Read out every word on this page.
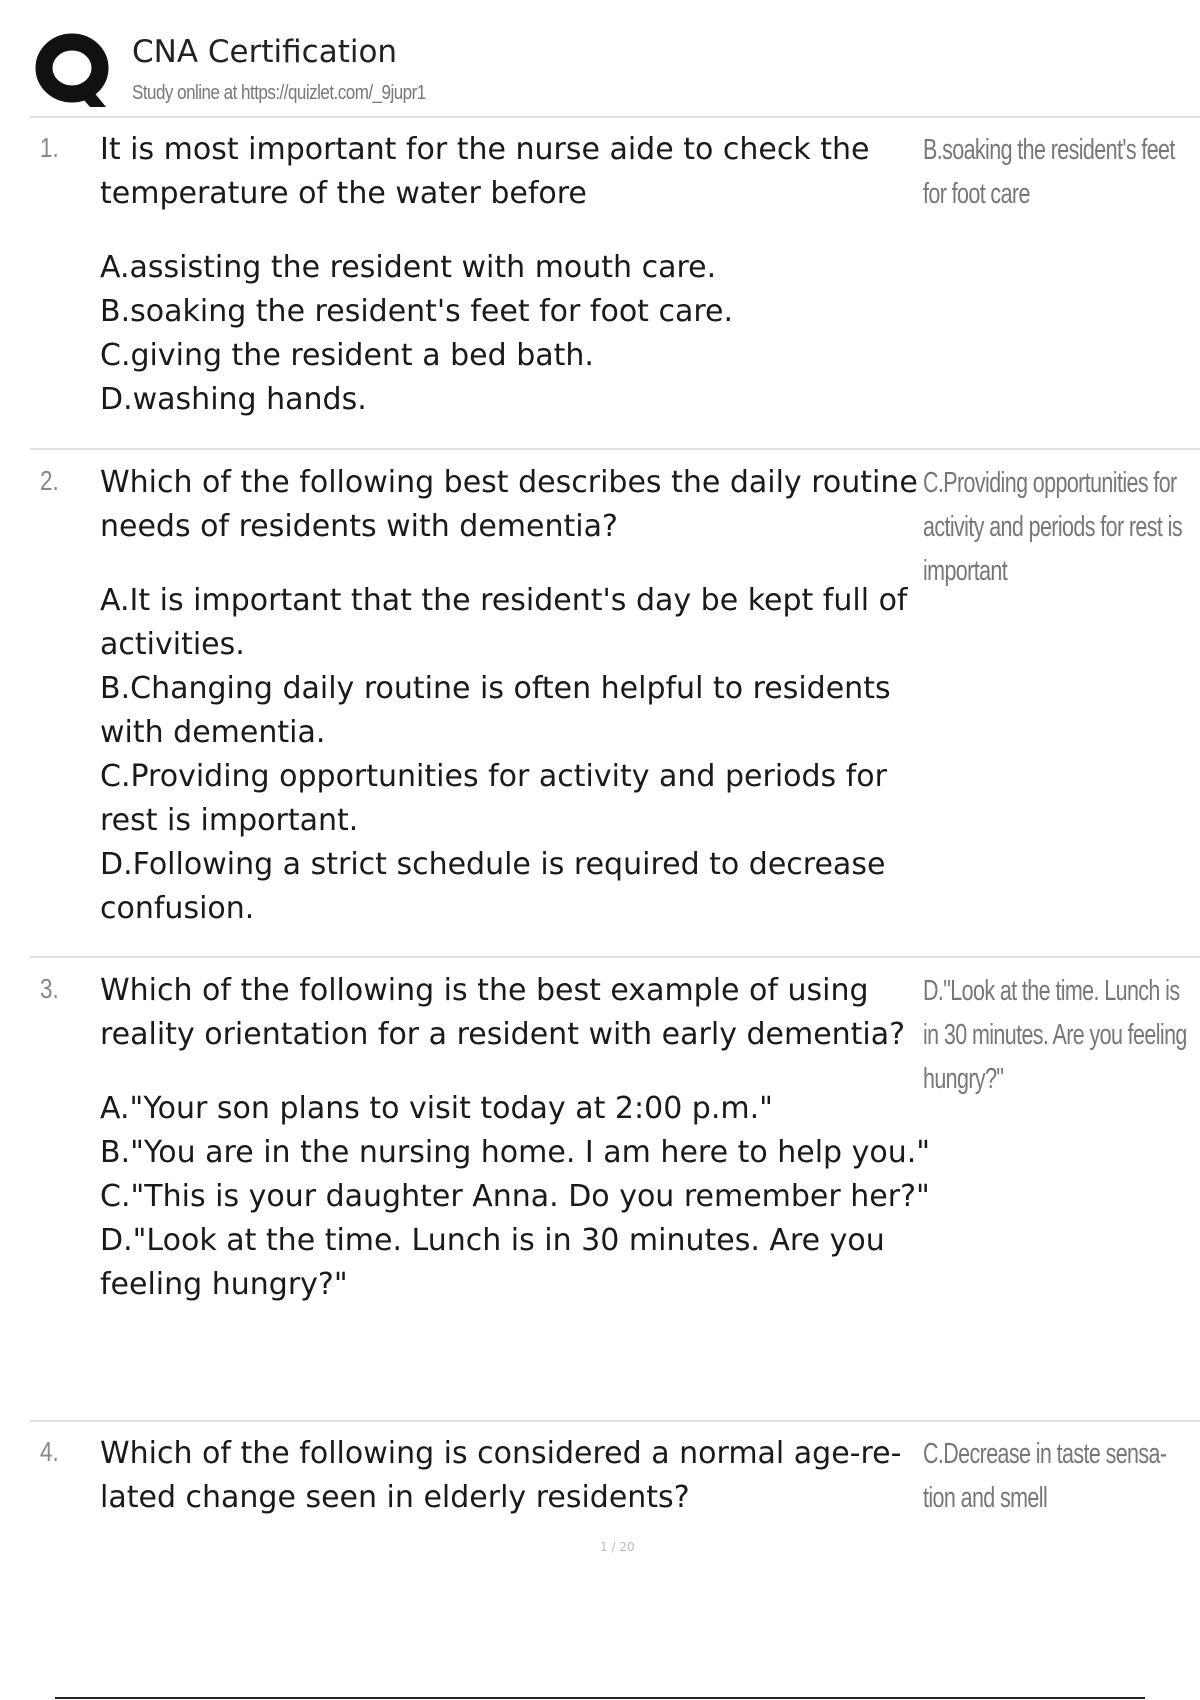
CNA Certification
Study online at https://quizlet.com/_9jupr1
1. It is most important for the nurse aide to check the temperature of the water before

A.assisting the resident with mouth care.

B.soaking the resident's feet for foot care.

C.giving the resident a bed bath.

D.washing hands.

B.soaking the resident's feet for foot care
2. Which of the following best describes the daily routine needs of residents with dementia?

A.It is important that the resident's day be kept full of activities.

B.Changing daily routine is often helpful to residents with dementia.

C.Providing opportunities for activity and periods for rest is important.

D.Following a strict schedule is required to decrease confusion.

C.Providing opportunities for activity and periods for rest is important
3. Which of the following is the best example of using reality orientation for a resident with early dementia?

A."Your son plans to visit today at 2:00 p.m."

B."You are in the nursing home. I am here to help you."

C."This is your daughter Anna. Do you remember her?"

D."Look at the time. Lunch is in 30 minutes. Are you feeling hungry?"

D."Look at the time. Lunch is in 30 minutes. Are you feeling hungry?"
4. Which of the following is considered a normal age-re-lated change seen in elderly residents?

C.Decrease in taste sensa-tion and smell
1 / 20
